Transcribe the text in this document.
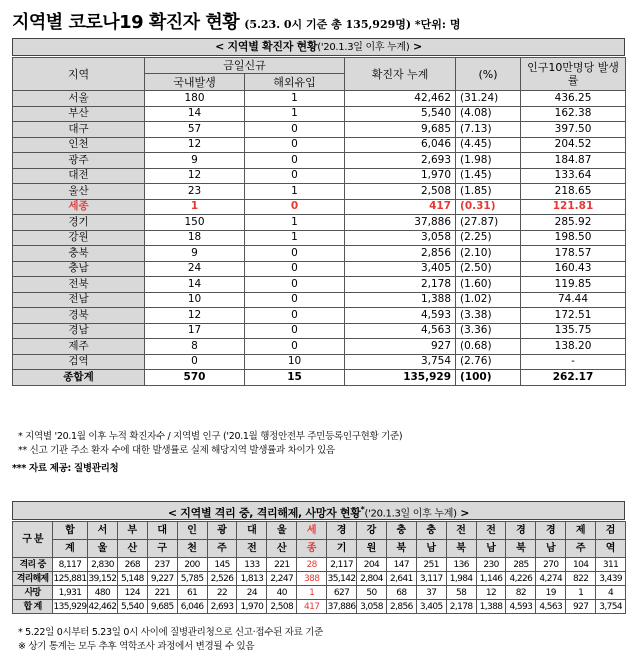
지역별 코로나19 확진자 현황 (5.23. 0시 기준 총 135,929명) *단위: 명
< 지역별 확진자 현황('20.1.3일 이후 누계) >
지역	금일신규		확진자 누계	(%)	인구10만명당 발생률
	국내발생	해외유입			
서울	180	1	42,462	(31.24)	436.25
부산	14	1	5,540	(4.08)	162.38
대구	57	0	9,685	(7.13)	397.50
인천	12	0	6,046	(4.45)	204.52
광주	9	0	2,693	(1.98)	184.87
대전	12	0	1,970	(1.45)	133.64
울산	23	1	2,508	(1.85)	218.65
세종	1	0	417	(0.31)	121.81
경기	150	1	37,886	(27.87)	285.92
강원	18	1	3,058	(2.25)	198.50
충북	9	0	2,856	(2.10)	178.57
충남	24	0	3,405	(2.50)	160.43
전북	14	0	2,178	(1.60)	119.85
전남	10	0	1,388	(1.02)	74.44
경북	12	0	4,593	(3.38)	172.51
경남	17	0	4,563	(3.36)	135.75
제주	8	0	927	(0.68)	138.20
검역	0	10	3,754	(2.76)	-
종합계	570	15	135,929	(100)	262.17
* 지역별 '20.1월 이후 누적 확진자수 / 지역별 인구 ('20.1월 행정안전부 주민등록인구현황 기준)
** 신고 기관 주소 환자 수에 대한 발생률로 실제 해당지역 발생률과 차이가 있음
*** 자료 제공: 질병관리청
< 지역별 격리 중, 격리해제, 사망자 현황*('20.1.3일 이후 누계) >
구 분	합	서	부	대	인	광	대	울	세	경	강	충	충	전	전	경	경	제	검
	계	울	산	구	천	주	전	산	종	기	원	북	남	북	남	북	남	주	역
격리 중	8,117	2,830	268	237	200	145	133	221	28	2,117	204	147	251	136	230	285	270	104	311
격리해제	125,881	39,152	5,148	9,227	5,785	2,526	1,813	2,247	388	35,142	2,804	2,641	3,117	1,984	1,146	4,226	4,274	822	3,439
사망	1,931	480	124	221	61	22	24	40	1	627	50	68	37	58	12	82	19	1	4
합 계	135,929	42,462	5,540	9,685	6,046	2,693	1,970	2,508	417	37,886	3,058	2,856	3,405	2,178	1,388	4,593	4,563	927	3,754
* 5.22일 0시부터 5.23일 0시 사이에 질병관리청으로 신고·접수된 자료 기준
※ 상기 통계는 모두 추후 역학조사 과정에서 변경될 수 있음
